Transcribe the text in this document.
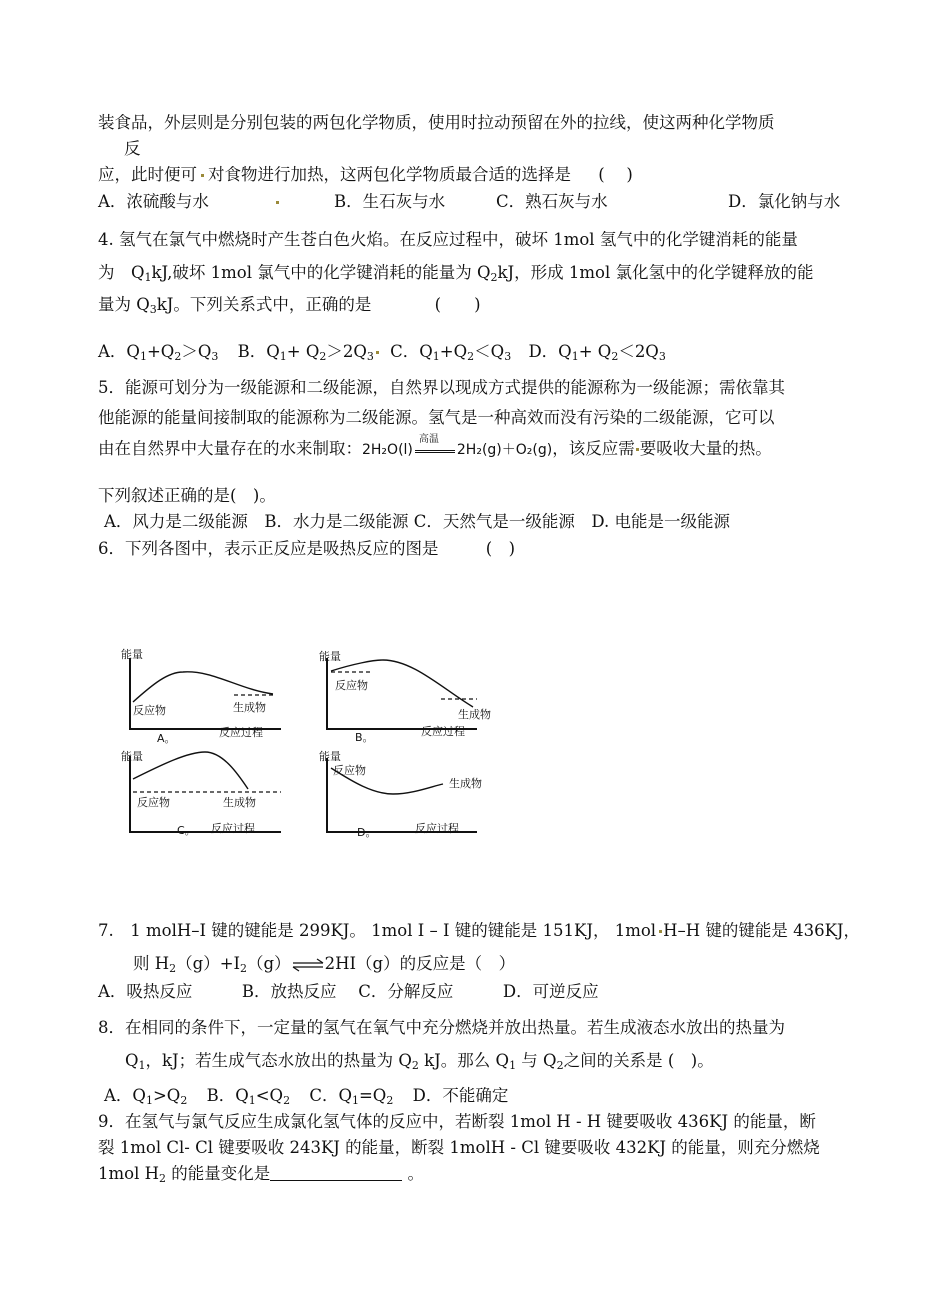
装食品，外层则是分别包装的两包化学物质，使用时拉动预留在外的拉线，使这两种化学物质
反
应，此时便可 对食物进行加热，这两包化学物质最合适的选择是 (　 )
A．浓硫酸与水	B．生石灰与水	C．熟石灰与水	D．氯化钠与水
4. 氢气在氯气中燃烧时产生苍白色火焰。在反应过程中，破坏 1mol 氢气中的化学键消耗的能量
为　$Q_1kJ$,破坏 1mol 氯气中的化学键消耗的能量为 $Q_2kJ$，形成 1mol 氯化氢中的化学键释放的能
量为 $Q_3kJ$。下列关系式中，正确的是	(　　)
A．$Q_1+Q_2>Q_3$ B．$Q_1+ Q_2>2Q_3$ C．$Q_1+Q_2<Q_3$ D．$Q_1+ Q_2<2Q_3$
5．能源可划分为一级能源和二级能源，自然界以现成方式提供的能源称为一级能源；需依靠其
他能源的能量间接制取的能源称为二级能源。氢气是一种高效而没有污染的二级能源，它可以
由在自然界中大量存在的水来制取：2H₂O(l)
高温
2H₂(g)＋O₂(g)，该反应需 要吸收大量的热。
下列叙述正确的是(　)。
A．风力是二级能源　B．水力是二级能源 C．天然气是一级能源　D. 电能是一级能源
6．下列各图中，表示正反应是吸热反应的图是	(　)
能量
反应物	生成物
A。	反应过程
能量
反应物
生成物
B。	反应过程
能量
反应物	生成物
C。 反应过程
能量
反应物
生成物
D。	反应过程
7.　1 molH–I 键的键能是 299KJ。 1mol I – I 键的键能是 151KJ， 1mol H–H 键的键能是 436KJ，
则 $H_2(g)+I_2(g)\rightleftharpoons 2HI(g)$的反应是（　）
A．吸热反应　　　B．放热反应　 C．分解反应　　　D．可逆反应
8．在相同的条件下，一定量的氢气在氧气中充分燃烧并放出热量。若生成液态水放出的热量为
$Q_1$，kJ；若生成气态水放出的热量为 $Q_2$ kJ。那么 $Q_1$ 与 $Q_2$之间的关系是 (　)。
A．$Q_1>Q_2$ B．$Q_1<Q_2$ C．$Q_1=Q_2$ D．不能确定
9．在氢气与氯气反应生成氯化氢气体的反应中，若断裂 1mol H - H 键要吸收 436KJ 的能量，断
裂 1mol Cl- Cl 键要吸收 243KJ 的能量，断裂 1molH - Cl 键要吸收 432KJ 的能量，则充分燃烧
1mol $H_2$ 的能量变化是	。
